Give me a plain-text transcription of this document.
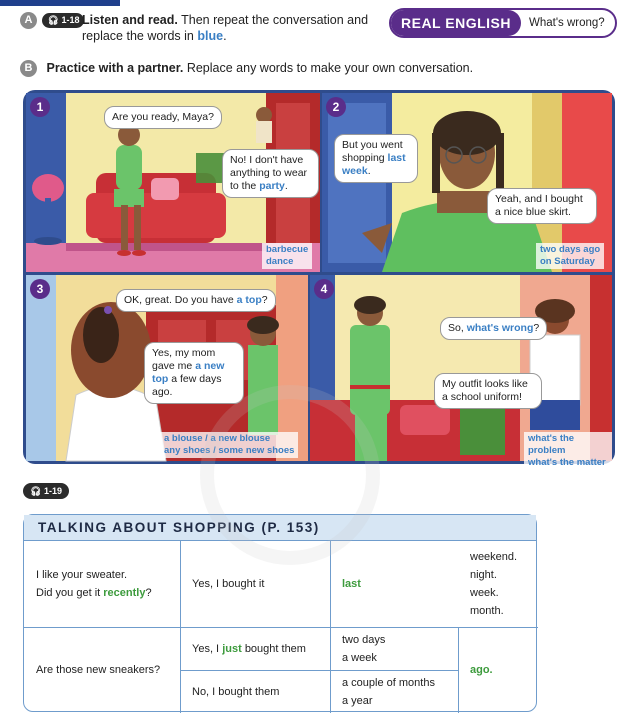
A 🎧︎ 1-18 Listen and read. Then repeat the conversation and replace the words in blue.
REAL ENGLISH	What's wrong?
B Practice with a partner. Replace any words to make your own conversation.
1
Are you ready, Maya?
No! I don't have anything to wear to the party.
barbecue
dance
2
But you went shopping last week.
Yeah, and I bought a nice blue skirt.
two days ago
on Saturday
3
OK, great. Do you have a top?
Yes, my mom gave me a new top a few days ago.
a blouse / a new blouse
any shoes / some new shoes
4
So, what's wrong?
My outfit looks like a school uniform!
what's the problem
what's the matter
🎧︎ 1-19
TALKING ABOUT SHOPPING (P. 153)
I like your sweater.
Did you get it recently?
Yes, I bought it	last
weekend.
night.
week.
month.
Are those new sneakers?
Yes, I just bought them
No, I bought them
two days
a week
a couple of months
a year
ago.
